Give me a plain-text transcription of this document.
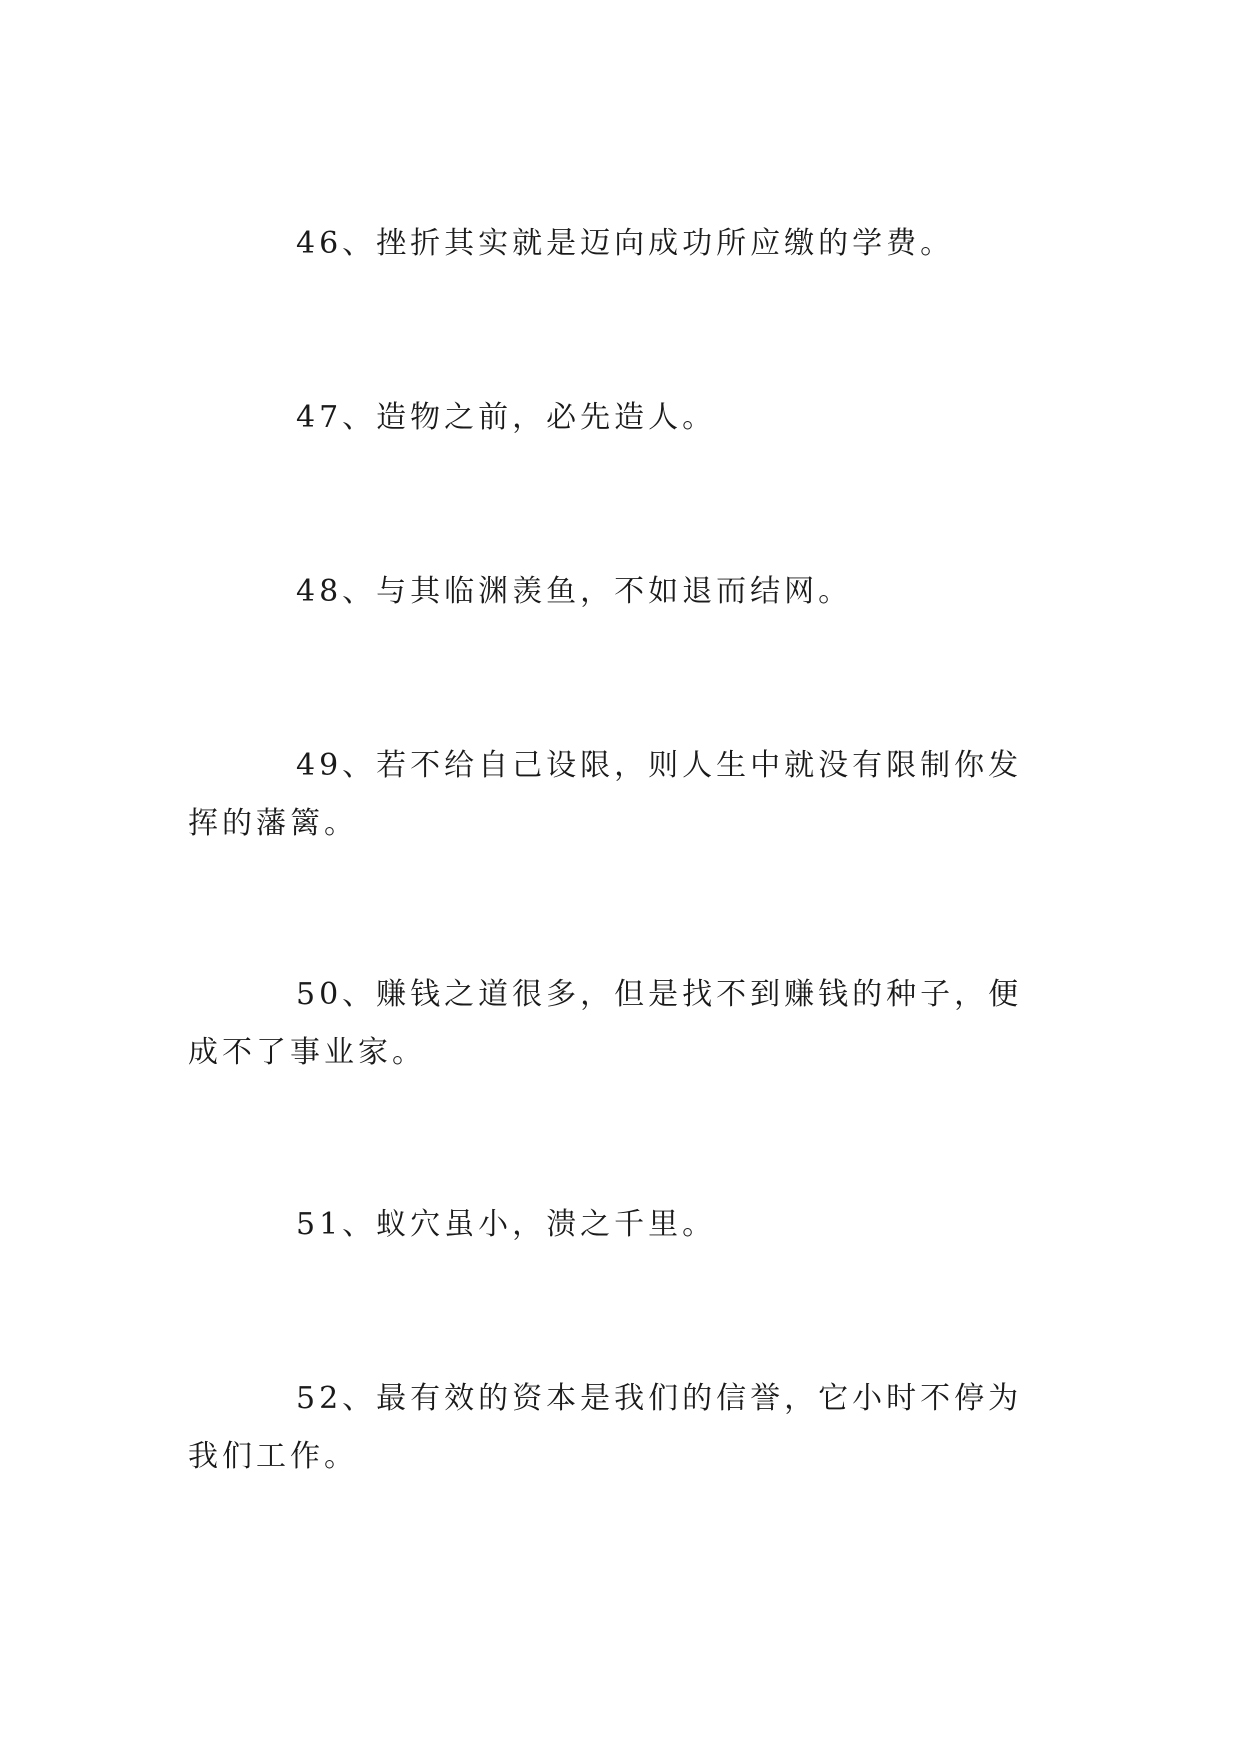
46、挫折其实就是迈向成功所应缴的学费。

47、造物之前，必先造人。

48、与其临渊羡鱼，不如退而结网。

49、若不给自己设限，则人生中就没有限制你发挥的藩篱。

50、赚钱之道很多，但是找不到赚钱的种子，便成不了事业家。

51、蚁穴虽小，溃之千里。

52、最有效的资本是我们的信誉，它小时不停为我们工作。
